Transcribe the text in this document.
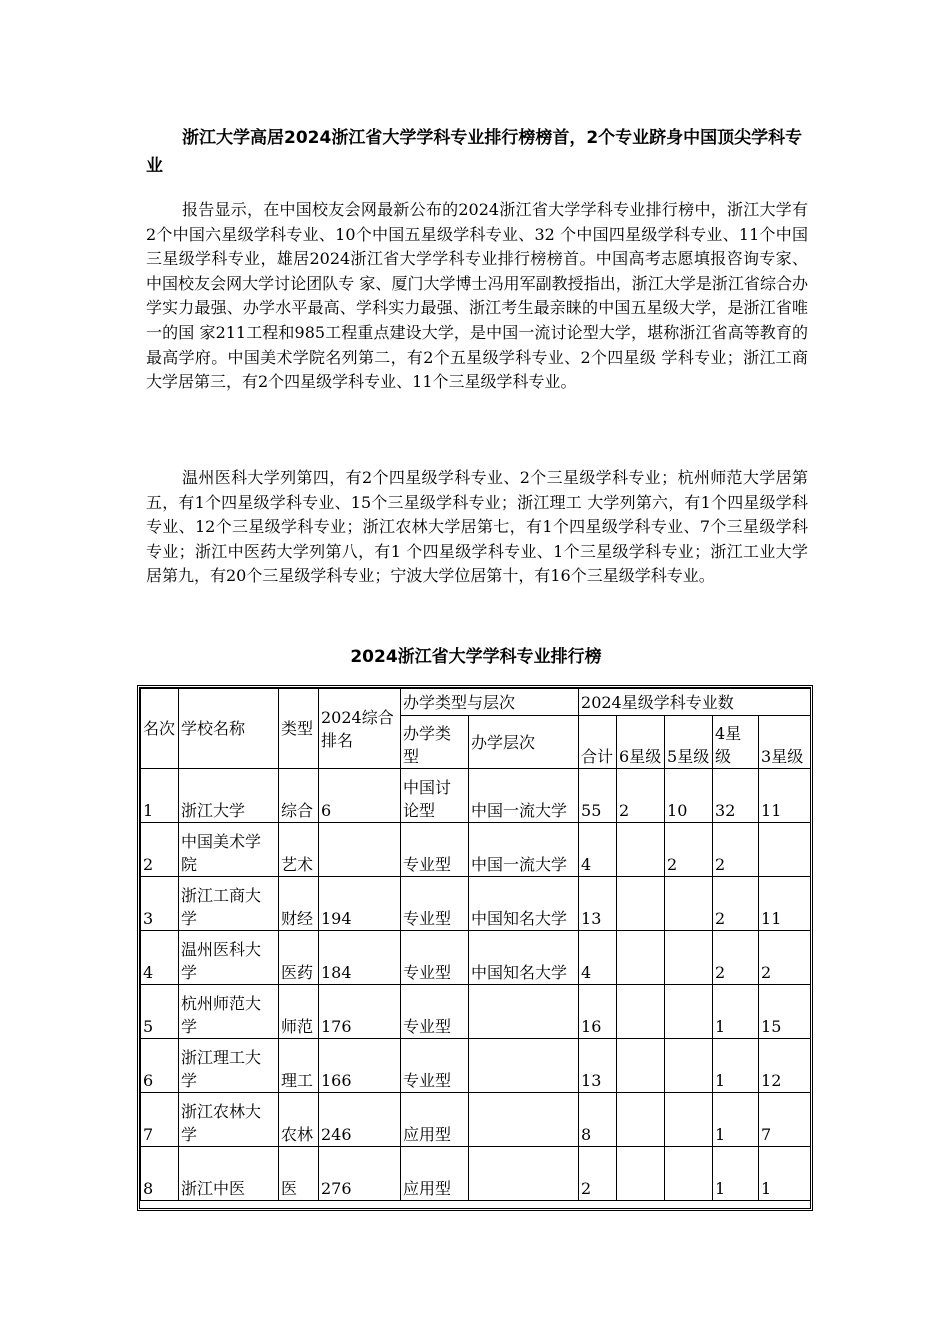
浙江大学高居2024浙江省大学学科专业排行榜榜首，2个专业跻身中国顶尖学科专业

报告显示，在中国校友会网最新公布的2024浙江省大学学科专业排行榜中，浙江大学有2个中国六星级学科专业、10个中国五星级学科专业、32 个中国四星级学科专业、11个中国三星级学科专业，雄居2024浙江省大学学科专业排行榜榜首。中国高考志愿填报咨询专家、中国校友会网大学讨论团队专 家、厦门大学博士冯用军副教授指出，浙江大学是浙江省综合办学实力最强、办学水平最高、学科实力最强、浙江考生最亲睐的中国五星级大学，是浙江省唯一的国 家211工程和985工程重点建设大学，是中国一流讨论型大学，堪称浙江省高等教育的最高学府。中国美术学院名列第二，有2个五星级学科专业、2个四星级 学科专业；浙江工商大学居第三，有2个四星级学科专业、11个三星级学科专业。

温州医科大学列第四，有2个四星级学科专业、2个三星级学科专业；杭州师范大学居第五，有1个四星级学科专业、15个三星级学科专业；浙江理工 大学列第六，有1个四星级学科专业、12个三星级学科专业；浙江农林大学居第七，有1个四星级学科专业、7个三星级学科专业；浙江中医药大学列第八，有1 个四星级学科专业、1个三星级学科专业；浙江工业大学居第九，有20个三星级学科专业；宁波大学位居第十，有16个三星级学科专业。

2024浙江省大学学科专业排行榜
名次	学校名称	类型	2024综合排名	办学类型与层次		2024星级学科专业数				
				办学类型	办学层次	合计	6星级	5星级	4星级	3星级
1	浙江大学	综合	6	中国讨论型	中国一流大学	55	2	10	32	11
2	中国美术学院	艺术		专业型	中国一流大学	4		2	2	
3	浙江工商大学	财经	194	专业型	中国知名大学	13			2	11
4	温州医科大学	医药	184	专业型	中国知名大学	4			2	2
5	杭州师范大学	师范	176	专业型		16			1	15
6	浙江理工大学	理工	166	专业型		13			1	12
7	浙江农林大学	农林	246	应用型		8			1	7
8	浙江中医	医	276	应用型		2			1	1
